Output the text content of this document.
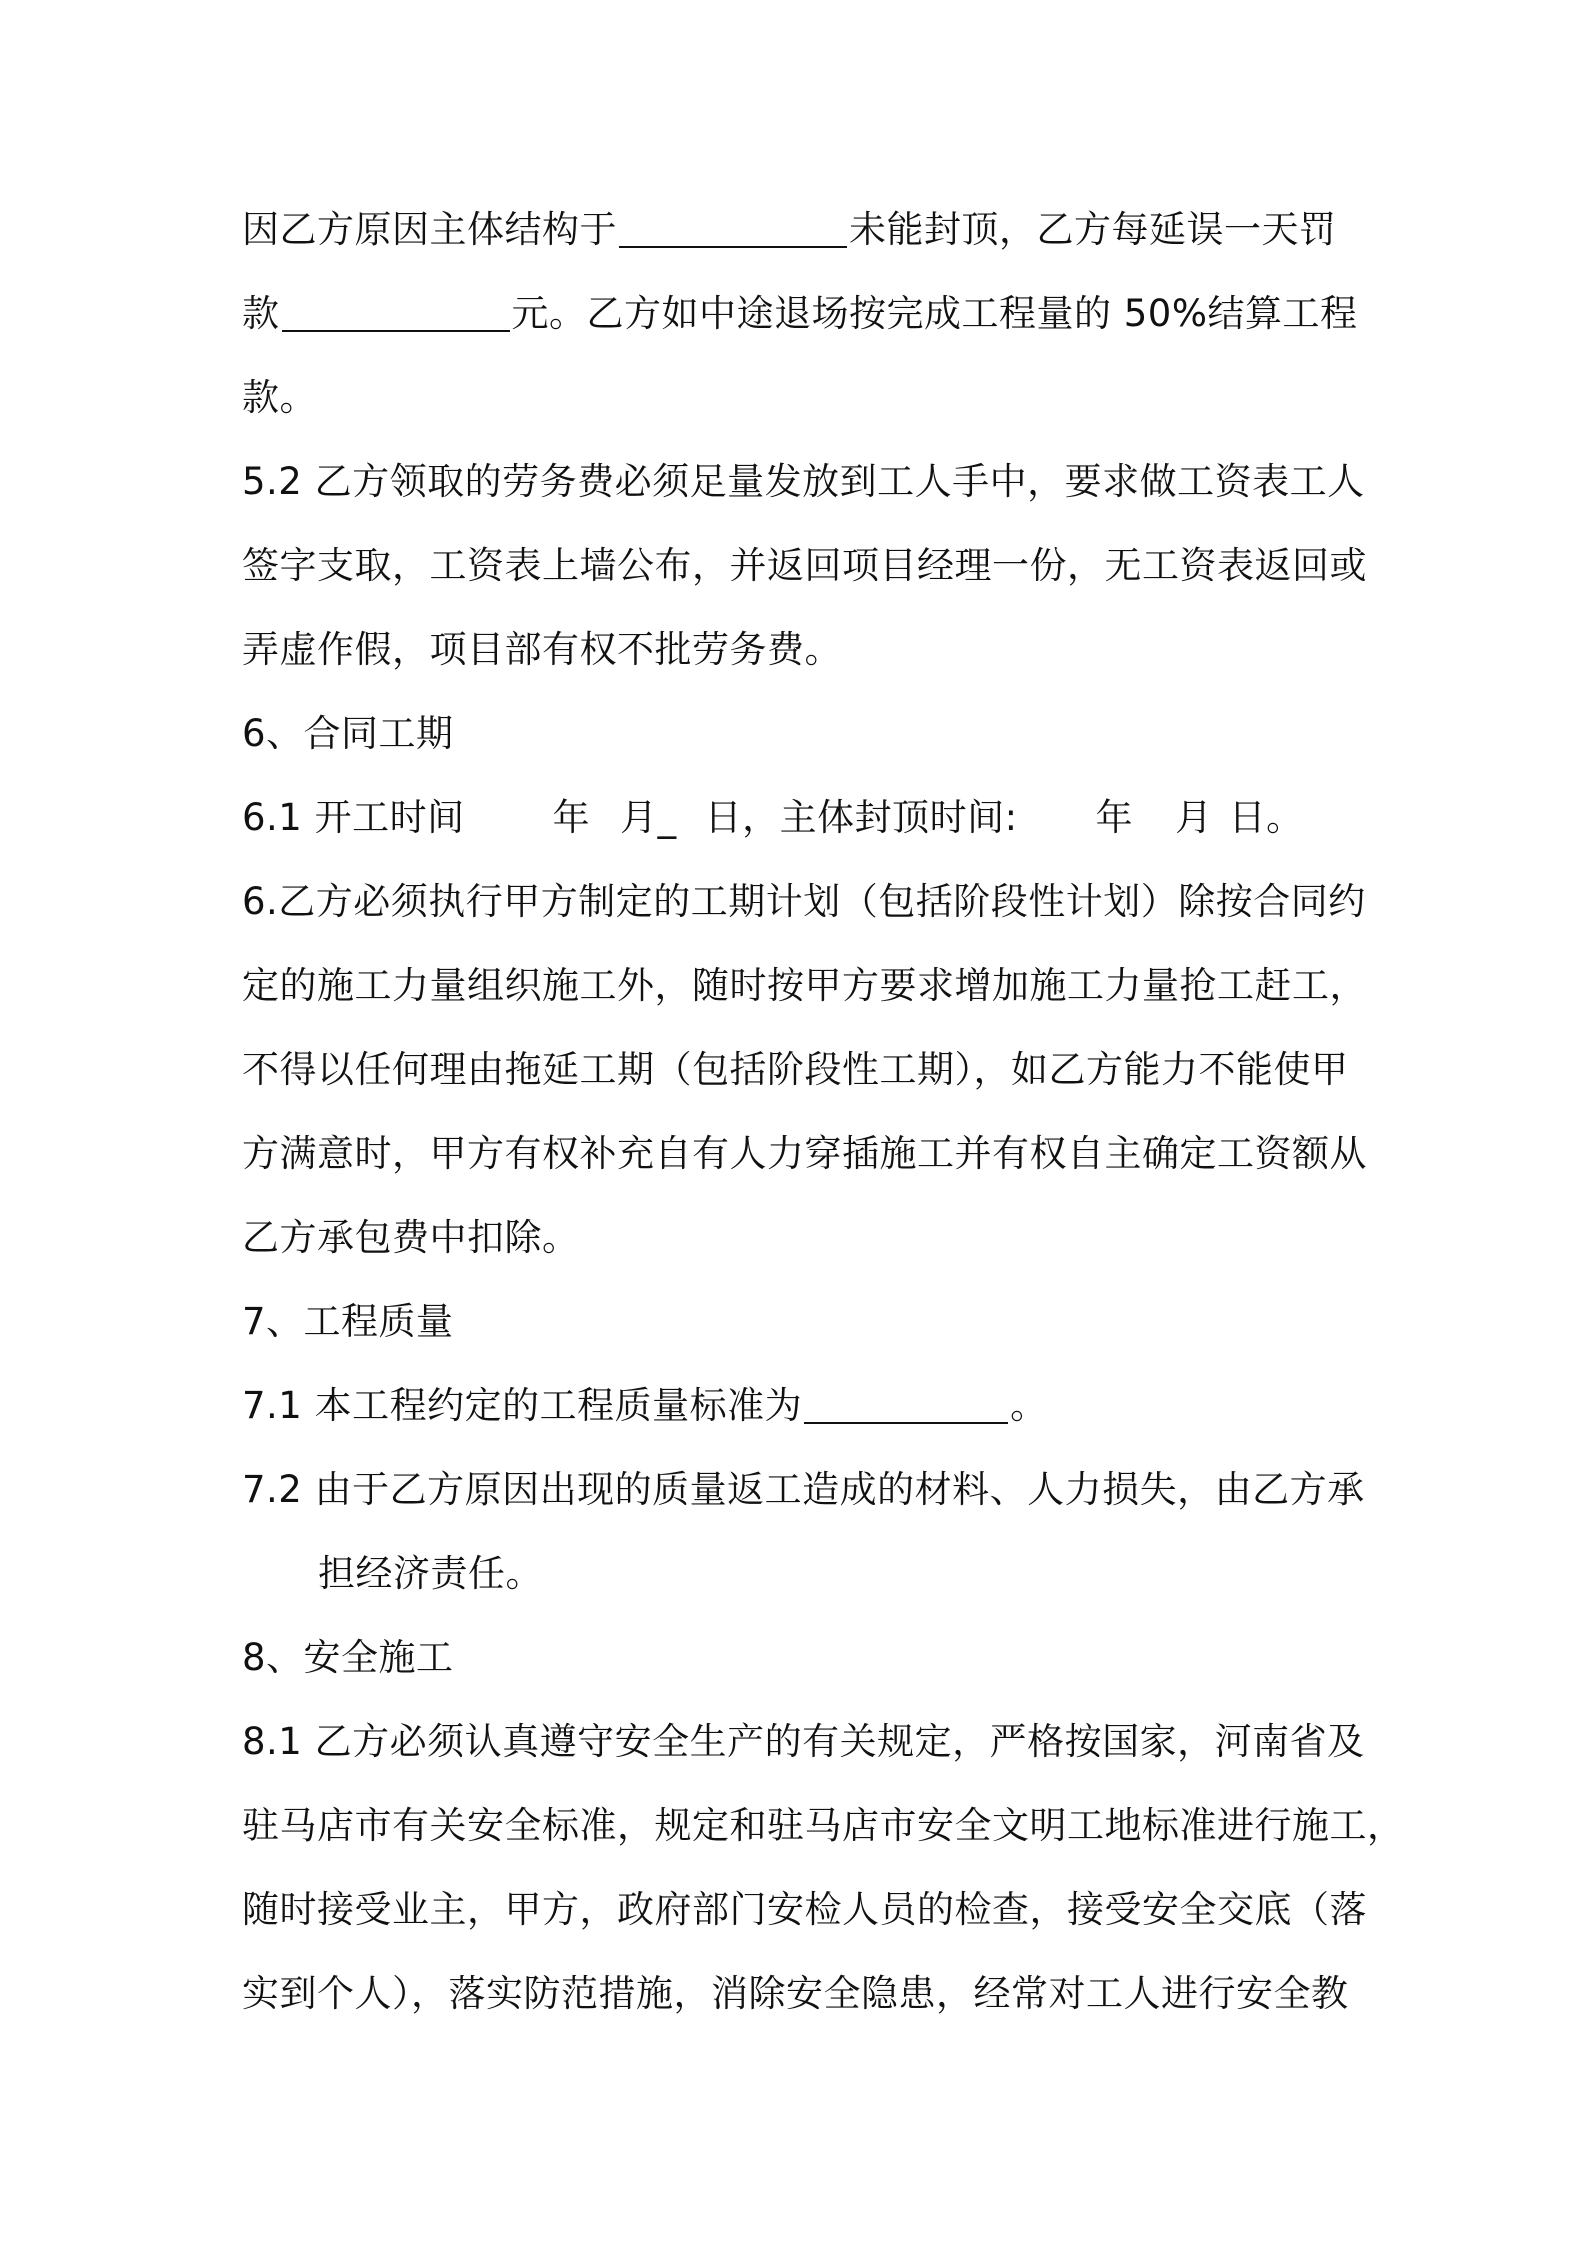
因乙方原因主体结构于	未能封顶，乙方每延误一天罚
款	元。乙方如中途退场按完成工程量的 50%结算工程
款。
5.2 乙方领取的劳务费必须足量发放到工人手中，要求做工资表工人
签字支取，工资表上墙公布，并返回项目经理一份，无工资表返回或
弄虚作假，项目部有权不批劳务费。
6、合同工期
6.1 开工时间 年 月_ 日，主体封顶时间: 年 月 日。
6.乙方必须执行甲方制定的工期计划（包括阶段性计划）除按合同约
定的施工力量组织施工外，随时按甲方要求增加施工力量抢工赶工，
不得以任何理由拖延工期（包括阶段性工期），如乙方能力不能使甲
方满意时，甲方有权补充自有人力穿插施工并有权自主确定工资额从
乙方承包费中扣除。
7、工程质量
7.1 本工程约定的工程质量标准为	。
7.2 由于乙方原因出现的质量返工造成的材料、人力损失，由乙方承
担经济责任。
8、安全施工
8.1 乙方必须认真遵守安全生产的有关规定，严格按国家，河南省及
驻马店市有关安全标准，规定和驻马店市安全文明工地标准进行施工，
随时接受业主，甲方，政府部门安检人员的检查，接受安全交底（落
实到个人），落实防范措施，消除安全隐患，经常对工人进行安全教
